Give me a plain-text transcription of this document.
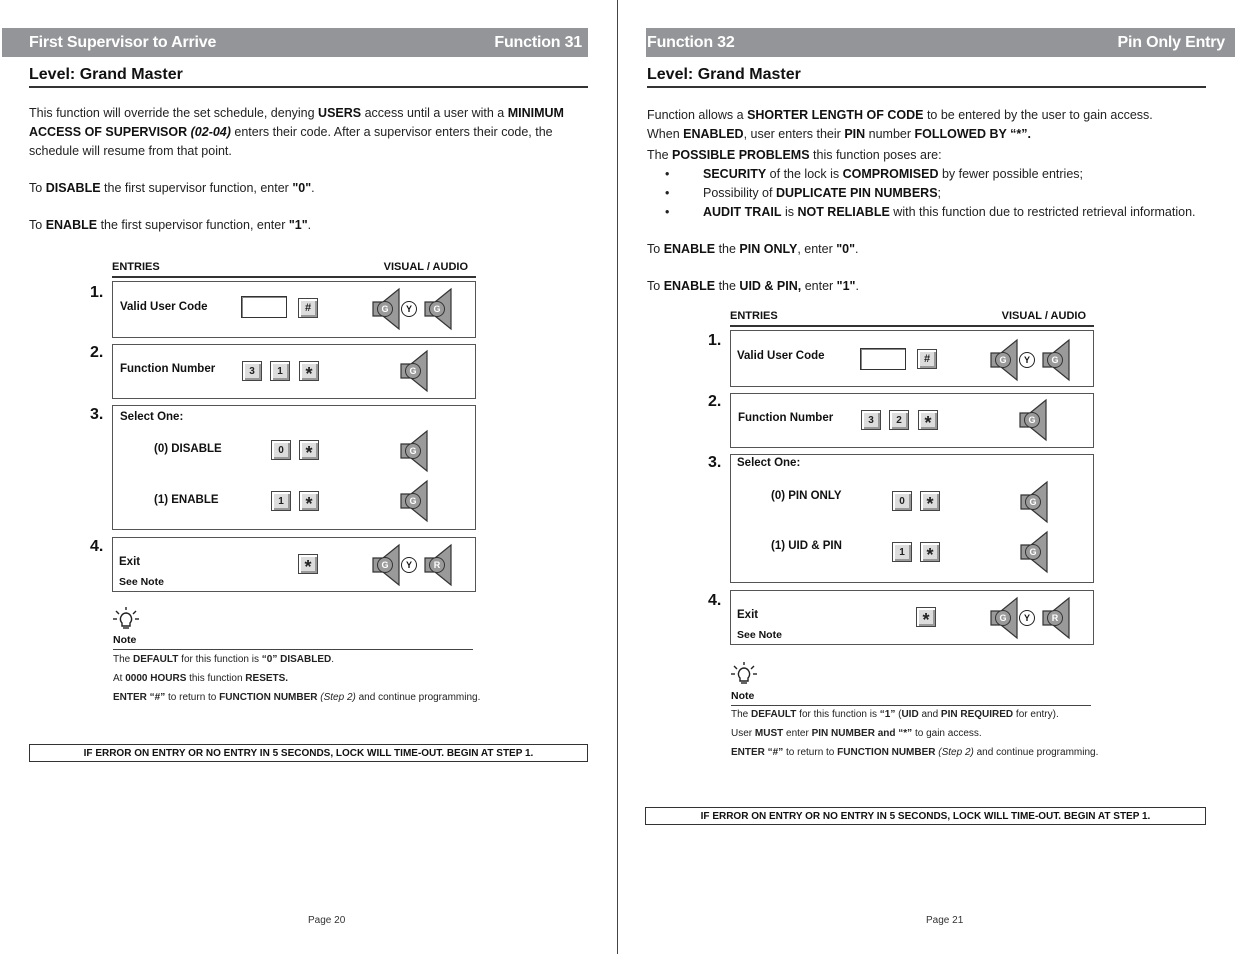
First Supervisor to Arrive	Function 31
Level: Grand Master

This function will override the set schedule, denying USERS access until a user with a MINIMUM ACCESS OF SUPERVISOR (02-04) enters their code. After a supervisor enters their code, the schedule will resume from that point.

To DISABLE the first supervisor function, enter "0".

To ENABLE the first supervisor function, enter "1".

ENTRIES	VISUAL / AUDIO
1.
Valid User Code	#	G	Y	G
2.
Function Number	3	1	*	G
3. Select One:
(0) DISABLE	0	*	G
(1) ENABLE	1	*	G
4.
Exit
See Note
*	G	Y	R
Note
The DEFAULT for this function is “0” DISABLED.
At 0000 HOURS this function RESETS.
ENTER “#” to return to FUNCTION NUMBER (Step 2) and continue programming.
IF ERROR ON ENTRY OR NO ENTRY IN 5 SECONDS, LOCK WILL TIME-OUT. BEGIN AT STEP 1.
Page 20
Function 32	Pin Only Entry
Level: Grand Master
Function allows a SHORTER LENGTH OF CODE to be entered by the user to gain access.
When ENABLED, user enters their PIN number FOLLOWED BY “*”.
The POSSIBLE PROBLEMS this function poses are:
• SECURITY of the lock is COMPROMISED by fewer possible entries;
• Possibility of DUPLICATE PIN NUMBERS;
• AUDIT TRAIL is NOT RELIABLE with this function due to restricted retrieval information.

To ENABLE the PIN ONLY, enter "0".

To ENABLE the UID & PIN, enter "1".

ENTRIES	VISUAL / AUDIO
1.
Valid User Code	#	G	Y	G
2.
Function Number	3	2	*	G
3. Select One:
(0) PIN ONLY	0	*	G
(1) UID & PIN	1	*	G
4.
Exit
See Note
*	G	Y	R
Note
The DEFAULT for this function is “1” (UID and PIN REQUIRED for entry).
User MUST enter PIN NUMBER and “*” to gain access.
ENTER “#” to return to FUNCTION NUMBER (Step 2) and continue programming.
IF ERROR ON ENTRY OR NO ENTRY IN 5 SECONDS, LOCK WILL TIME-OUT. BEGIN AT STEP 1.
Page 21
